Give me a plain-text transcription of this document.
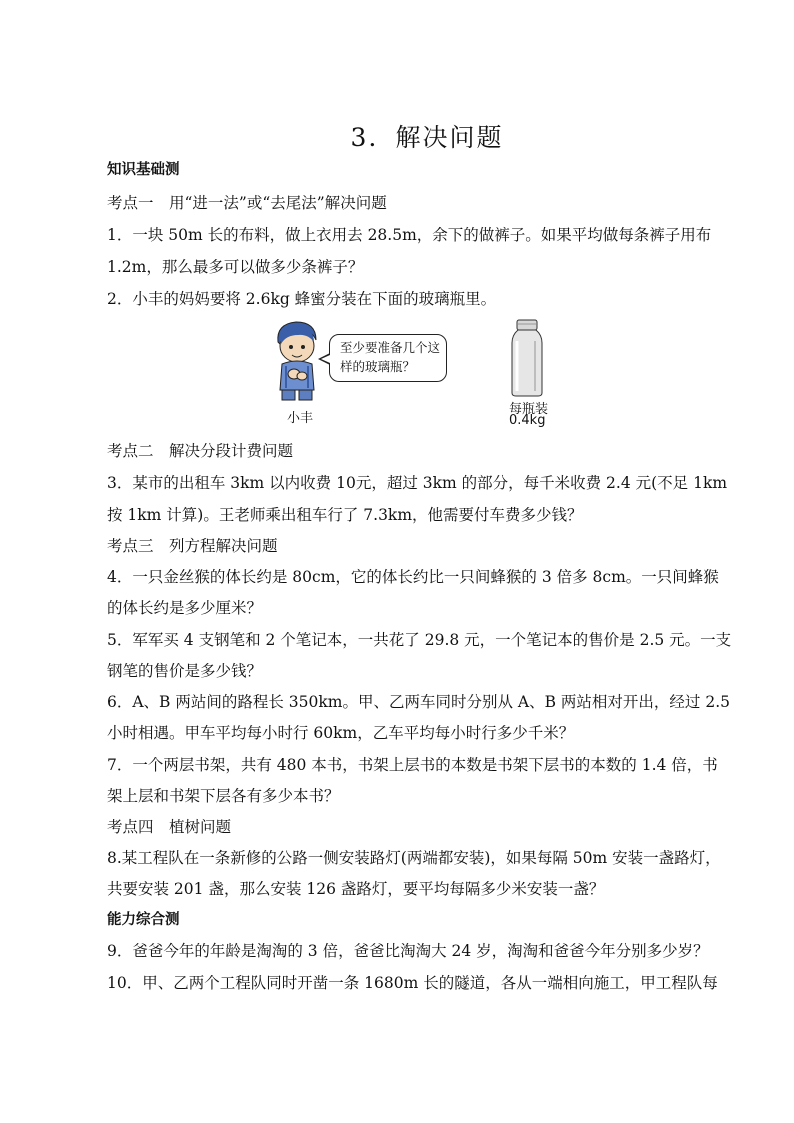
3．解决问题
知识基础测
考点一　用“进一法”或“去尾法”解决问题
1．一块 50m 长的布料，做上衣用去 28.5m，余下的做裤子。如果平均做每条裤子用布
1.2m，那么最多可以做多少条裤子？
2．小丰的妈妈要将 2.6kg 蜂蜜分装在下面的玻璃瓶里。
至少要准备几个这
样的玻璃瓶？
小丰
每瓶装
0.4kg
考点二　解决分段计费问题
3．某市的出租车 3km 以内收费 10元，超过 3km 的部分，每千米收费 2.4 元(不足 1km
按 1km 计算)。王老师乘出租车行了 7.3km，他需要付车费多少钱？
考点三　列方程解决问题
4．一只金丝猴的体长约是 80cm，它的体长约比一只间蜂猴的 3 倍多 8cm。一只间蜂猴
的体长约是多少厘米？
5．军军买 4 支钢笔和 2 个笔记本，一共花了 29.8 元，一个笔记本的售价是 2.5 元。一支
钢笔的售价是多少钱？
6．A、B 两站间的路程长 350km。甲、乙两车同时分别从 A、B 两站相对开出，经过 2.5
小时相遇。甲车平均每小时行 60km，乙车平均每小时行多少千米？
7．一个两层书架，共有 480 本书，书架上层书的本数是书架下层书的本数的 1.4 倍，书
架上层和书架下层各有多少本书？
考点四　植树问题
8.某工程队在一条新修的公路一侧安装路灯(两端都安装)，如果每隔 50m 安装一盏路灯，
共要安装 201 盏，那么安装 126 盏路灯，要平均每隔多少米安装一盏？
能力综合测
9．爸爸今年的年龄是淘淘的 3 倍，爸爸比淘淘大 24 岁，淘淘和爸爸今年分别多少岁？
10．甲、乙两个工程队同时开凿一条 1680m 长的隧道，各从一端相向施工，甲工程队每
